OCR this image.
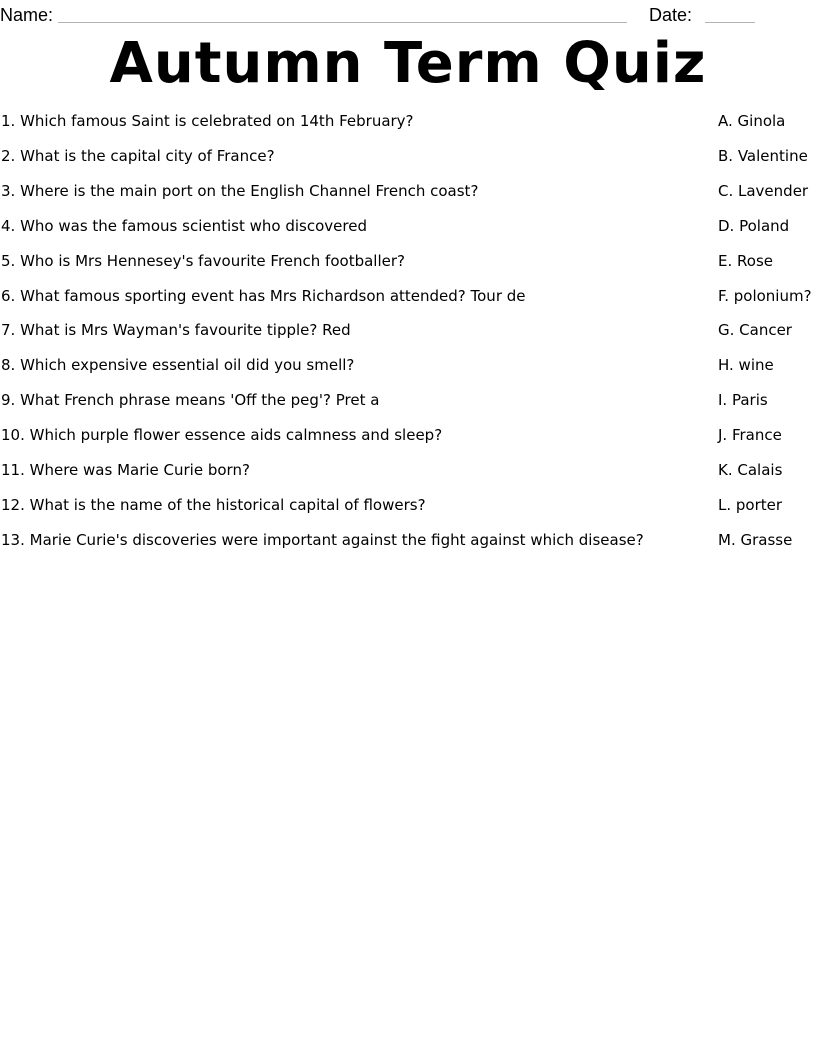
Name:	Date:
Autumn Term Quiz
1. Which famous Saint is celebrated on 14th February?	A. Ginola
2. What is the capital city of France?	B. Valentine
3. Where is the main port on the English Channel French coast?	C. Lavender
4. Who was the famous scientist who discovered	D. Poland
5. Who is Mrs Hennesey's favourite French footballer?	E. Rose
6. What famous sporting event has Mrs Richardson attended? Tour de	F. polonium?
7. What is Mrs Wayman's favourite tipple? Red	G. Cancer
8. Which expensive essential oil did you smell?	H. wine
9. What French phrase means 'Off the peg'? Pret a	I. Paris
10. Which purple flower essence aids calmness and sleep?	J. France
11. Where was Marie Curie born?	K. Calais
12. What is the name of the historical capital of flowers?	L. porter
13. Marie Curie's discoveries were important against the fight against which disease?	M. Grasse
